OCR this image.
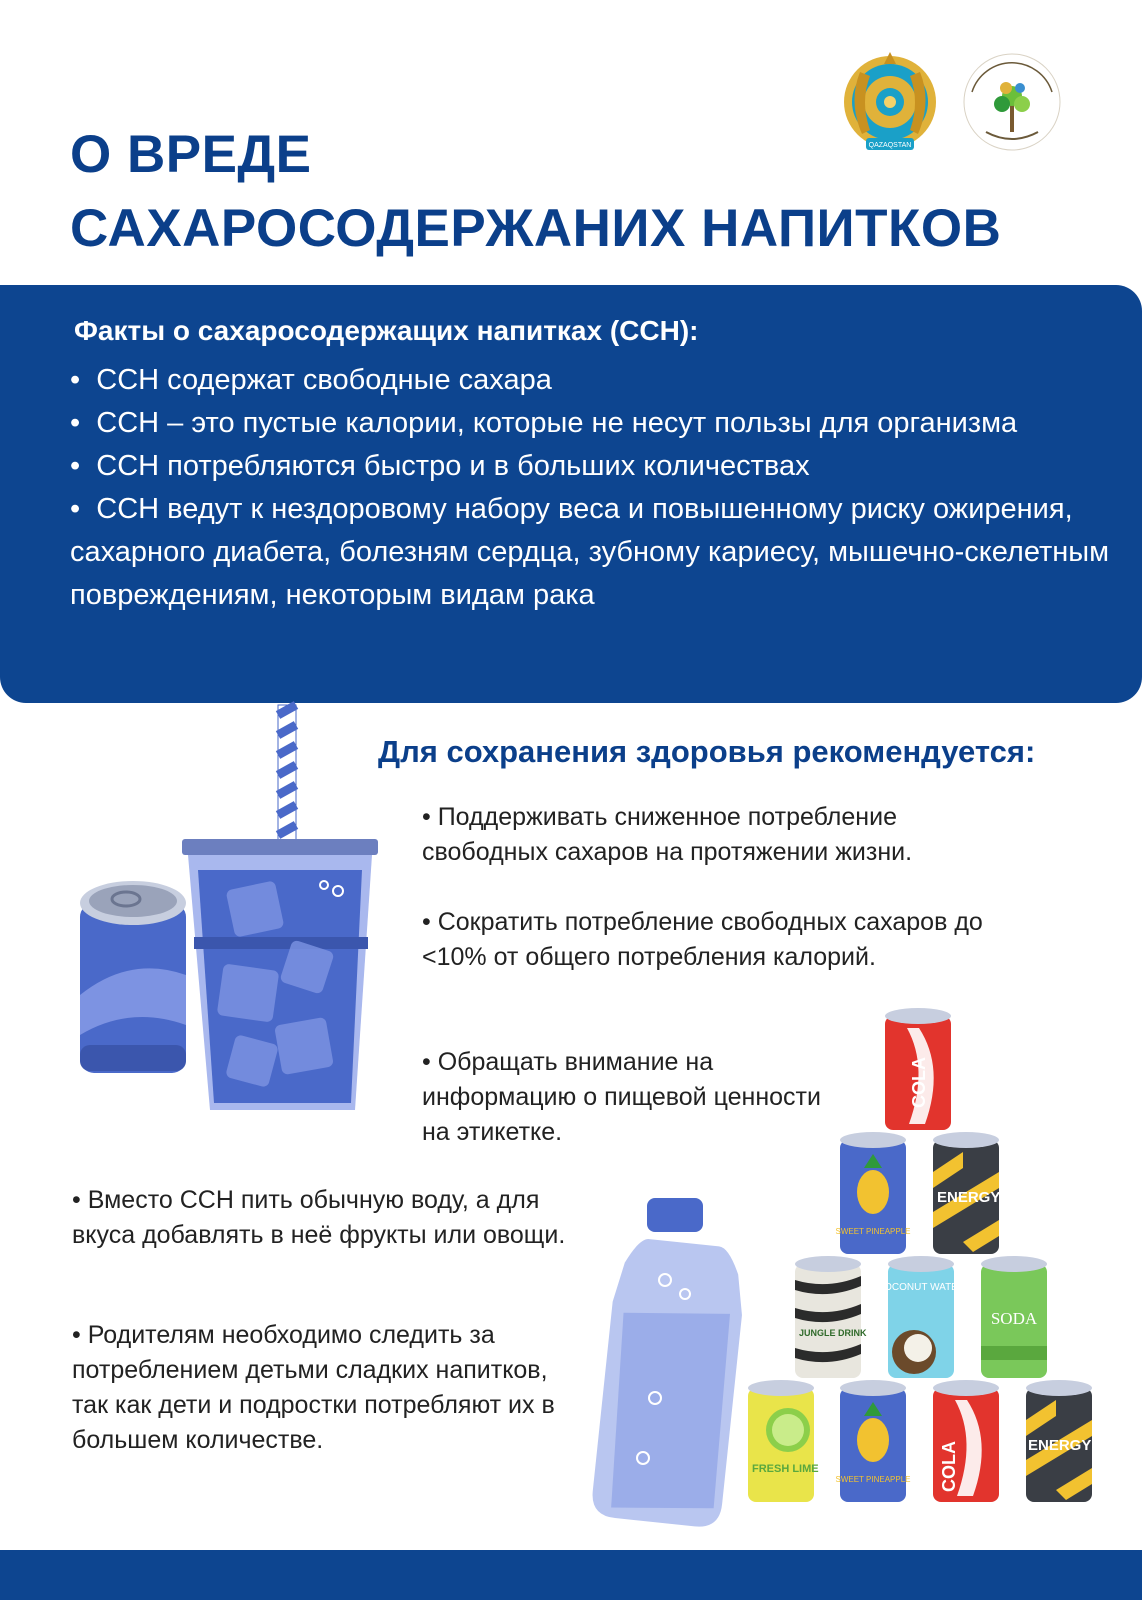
О ВРЕДЕ
САХАРОСОДЕРЖАНИХ НАПИТКОВ
QAZAQSTAN
Факты о сахаросодержащих напитках (ССН):
•  ССН содержат свободные сахара
•  ССН – это пустые калории, которые не несут пользы для организма
•  ССН потребляются быстро и в больших количествах
•  ССН ведут к нездоровому набору веса и повышенному риску ожирения, сахарного диабета, болезням сердца, зубному кариесу, мышечно-скелетным повреждениям, некоторым видам рака
Для сохранения здоровья рекомендуется:

• Поддерживать сниженное потребление свободных сахаров на протяжении жизни.

• Сократить потребление свободных сахаров до <10% от общего потребления калорий.

• Обращать внимание на информацию о пищевой ценности на этикетке.

• Вместо ССН пить обычную воду, а для вкуса добавлять в неё фрукты или овощи.

• Родителям необходимо следить за потреблением детьми сладких напитков, так как дети и подростки потребляют их в большем количестве.

COLA
SWEET PINEAPPLE
ENERGY
JUNGLE DRINK
COCONUT WATER
SODA
FRESH LIME
SWEET PINEAPPLE COLA	ENERGY
